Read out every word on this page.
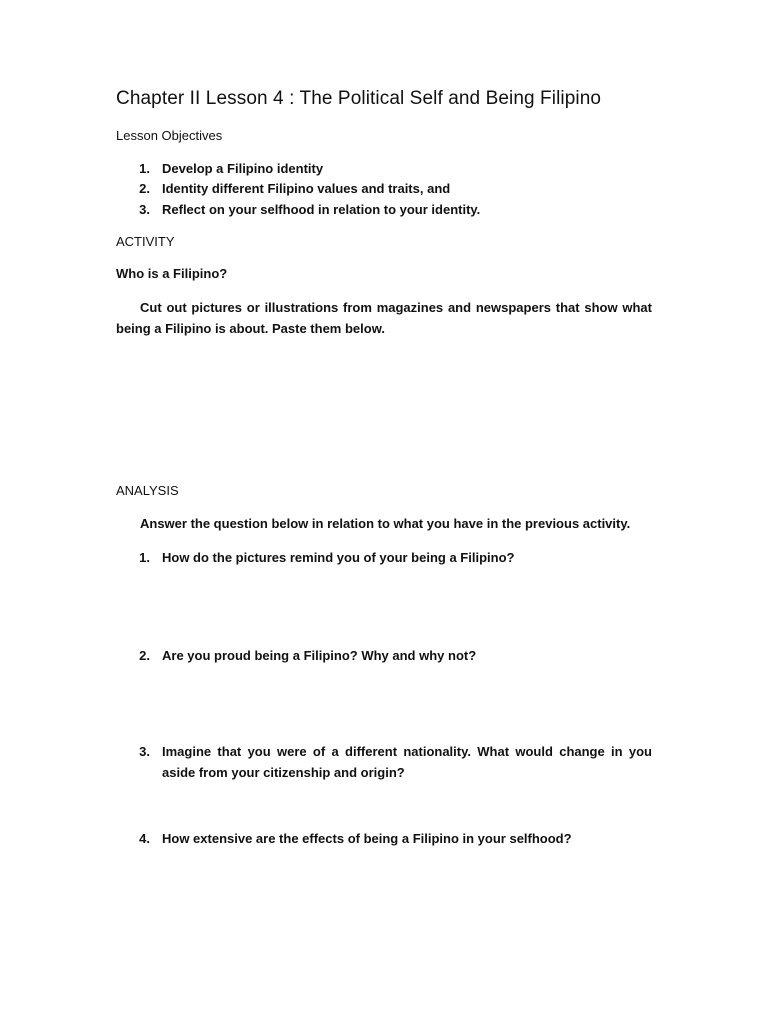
Chapter II Lesson 4 : The Political Self and Being Filipino
Lesson Objectives
1. Develop a Filipino identity
2. Identity different Filipino values and traits, and
3. Reflect on your selfhood in relation to your identity.
ACTIVITY
Who is a Filipino?

Cut out pictures or illustrations from magazines and newspapers that show what being a Filipino is about. Paste them below.

ANALYSIS
Answer the question below in relation to what you have in the previous activity.
1. How do the pictures remind you of your being a Filipino?
2. Are you proud being a Filipino? Why and why not?
3. Imagine that you were of a different nationality. What would change in you aside from your citizenship and origin?

4. How extensive are the effects of being a Filipino in your selfhood?
